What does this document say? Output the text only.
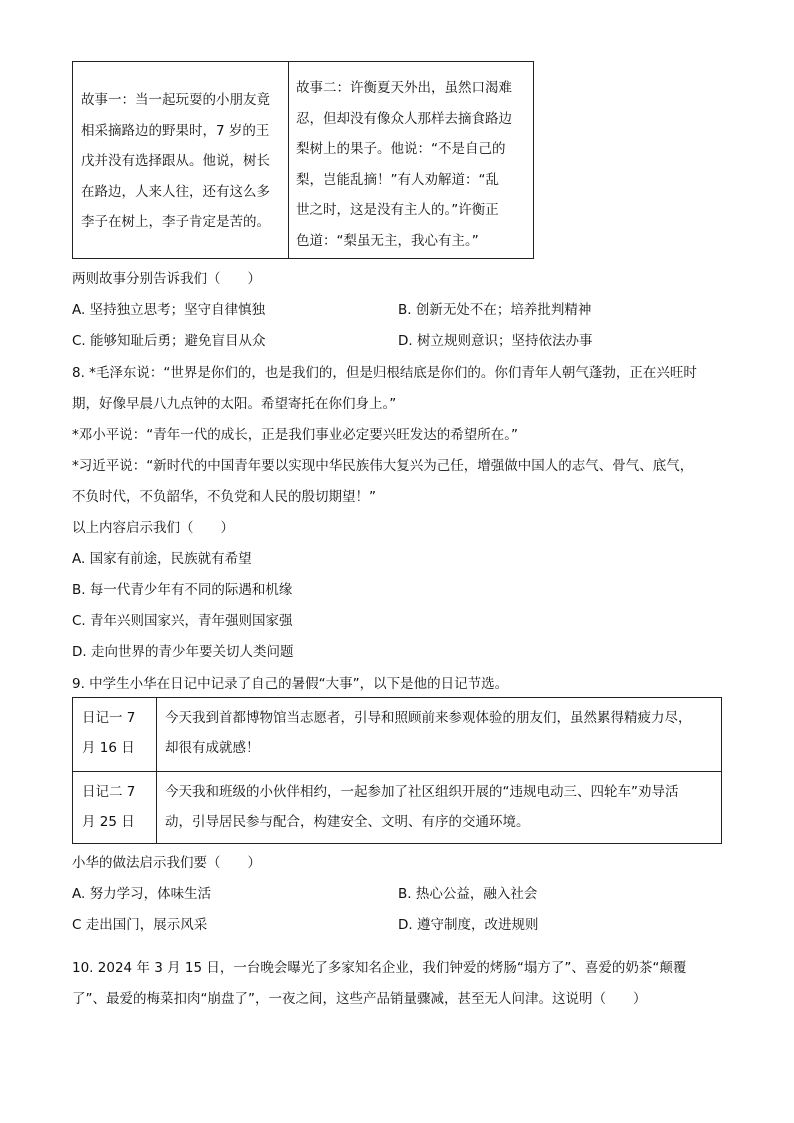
故事一：当一起玩耍的小朋友竟
相采摘路边的野果时，7 岁的王
戊并没有选择跟从。他说，树长
在路边，人来人往，还有这么多
李子在树上，李子肯定是苦的。
故事二：许衡夏天外出，虽然口渴难
忍，但却没有像众人那样去摘食路边
梨树上的果子。他说：“不是自己的
梨，岂能乱摘！”有人劝解道：“乱
世之时，这是没有主人的。”许衡正
色道：“梨虽无主，我心有主。”
两则故事分别告诉我们（　　）
A. 坚持独立思考；坚守自律慎独	B. 创新无处不在；培养批判精神
C. 能够知耻后勇；避免盲目从众	D. 树立规则意识；坚持依法办事
8. *毛泽东说：“世界是你们的，也是我们的，但是归根结底是你们的。你们青年人朝气蓬勃，正在兴旺时
期，好像早晨八九点钟的太阳。希望寄托在你们身上。”
*邓小平说：“青年一代的成长，正是我们事业必定要兴旺发达的希望所在。”
*习近平说：“新时代的中国青年要以实现中华民族伟大复兴为己任，增强做中国人的志气、骨气、底气，
不负时代，不负韶华，不负党和人民的殷切期望！”
以上内容启示我们（　　）
A. 国家有前途，民族就有希望
B. 每一代青少年有不同的际遇和机缘
C. 青年兴则国家兴，青年强则国家强
D. 走向世界的青少年要关切人类问题
9. 中学生小华在日记中记录了自己的暑假“大事”，以下是他的日记节选。
日记一 7
月 16 日
今天我到首都博物馆当志愿者，引导和照顾前来参观体验的朋友们，虽然累得精疲力尽，
却很有成就感！
日记二 7
月 25 日
今天我和班级的小伙伴相约，一起参加了社区组织开展的“违规电动三、四轮车”劝导活
动，引导居民参与配合，构建安全、文明、有序的交通环境。
小华的做法启示我们要（　　）
A. 努力学习，体味生活	B. 热心公益，融入社会
C 走出国门，展示风采	D. 遵守制度，改进规则
10. 2024 年 3 月 15 日，一台晚会曝光了多家知名企业，我们钟爱的烤肠“塌方了”、喜爱的奶茶“颠覆
了”、最爱的梅菜扣肉“崩盘了”，一夜之间，这些产品销量骤减，甚至无人问津。这说明（　　）
